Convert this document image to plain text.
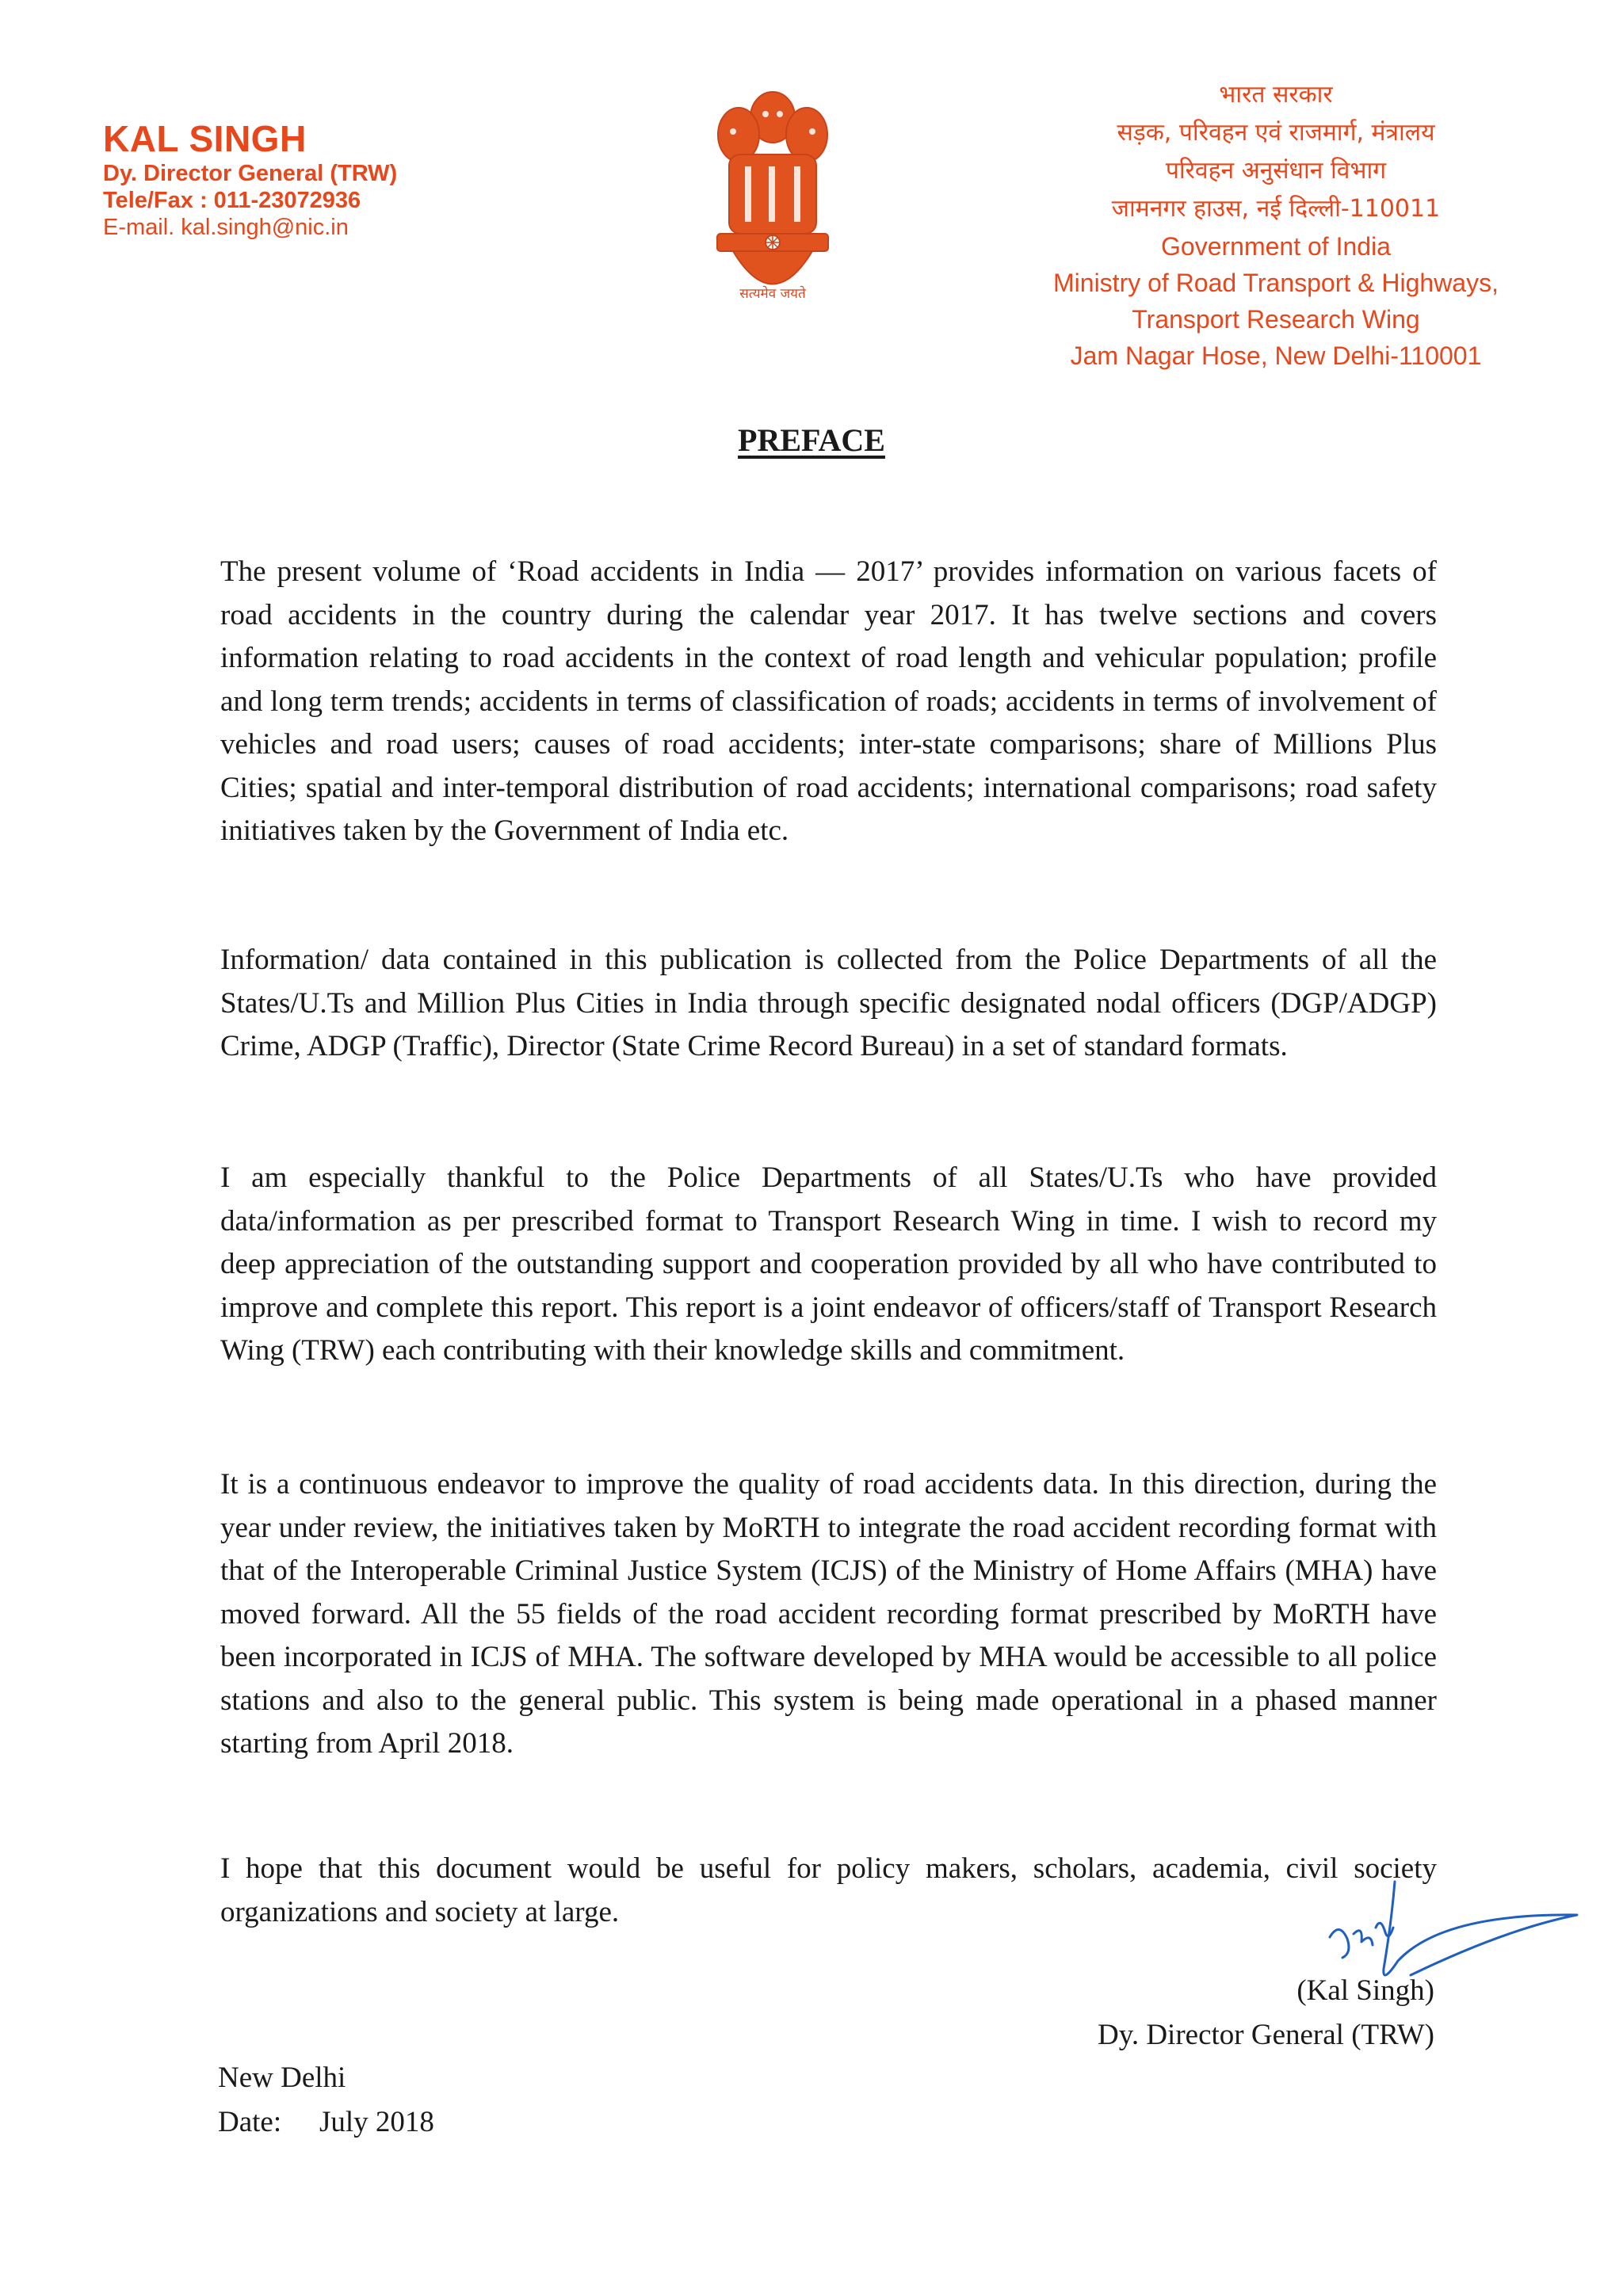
KAL SINGH
Dy. Director General (TRW)
Tele/Fax : 011-23072936
E-mail. kal.singh@nic.in
सत्यमेव जयते
भारत सरकार
सड़क, परिवहन एवं राजमार्ग, मंत्रालय
परिवहन अनुसंधान विभाग
जामनगर हाउस, नई दिल्ली-110011
Government of India
Ministry of Road Transport & Highways,
Transport Research Wing
Jam Nagar Hose, New Delhi-110001
PREFACE

The present volume of ‘Road accidents in India — 2017’ provides information on various facets of road accidents in the country during the calendar year 2017. It has twelve sections and covers information relating to road accidents in the context of road length and vehicular population; profile and long term trends; accidents in terms of classification of roads; accidents in terms of involvement of vehicles and road users; causes of road accidents; inter-state comparisons; share of Millions Plus Cities; spatial and inter-temporal distribution of road accidents; international comparisons; road safety initiatives taken by the Government of India etc.

Information/ data contained in this publication is collected from the Police Departments of all the States/U.Ts and Million Plus Cities in India through specific designated nodal officers (DGP/ADGP) Crime, ADGP (Traffic), Director (State Crime Record Bureau) in a set of standard formats.

I am especially thankful to the Police Departments of all States/U.Ts who have provided data/information as per prescribed format to Transport Research Wing in time. I wish to record my deep appreciation of the outstanding support and cooperation provided by all who have contributed to improve and complete this report. This report is a joint endeavor of officers/staff of Transport Research Wing (TRW) each contributing with their knowledge skills and commitment.

It is a continuous endeavor to improve the quality of road accidents data. In this direction, during the year under review, the initiatives taken by MoRTH to integrate the road accident recording format with that of the Interoperable Criminal Justice System (ICJS) of the Ministry of Home Affairs (MHA) have moved forward. All the 55 fields of the road accident recording format prescribed by MoRTH have been incorporated in ICJS of MHA. The software developed by MHA would be accessible to all police stations and also to the general public. This system is being made operational in a phased manner starting from April 2018.

I hope that this document would be useful for policy makers, scholars, academia, civil society organizations and society at large.

(Kal Singh)
Dy. Director General (TRW)
New Delhi
Date: July 2018
